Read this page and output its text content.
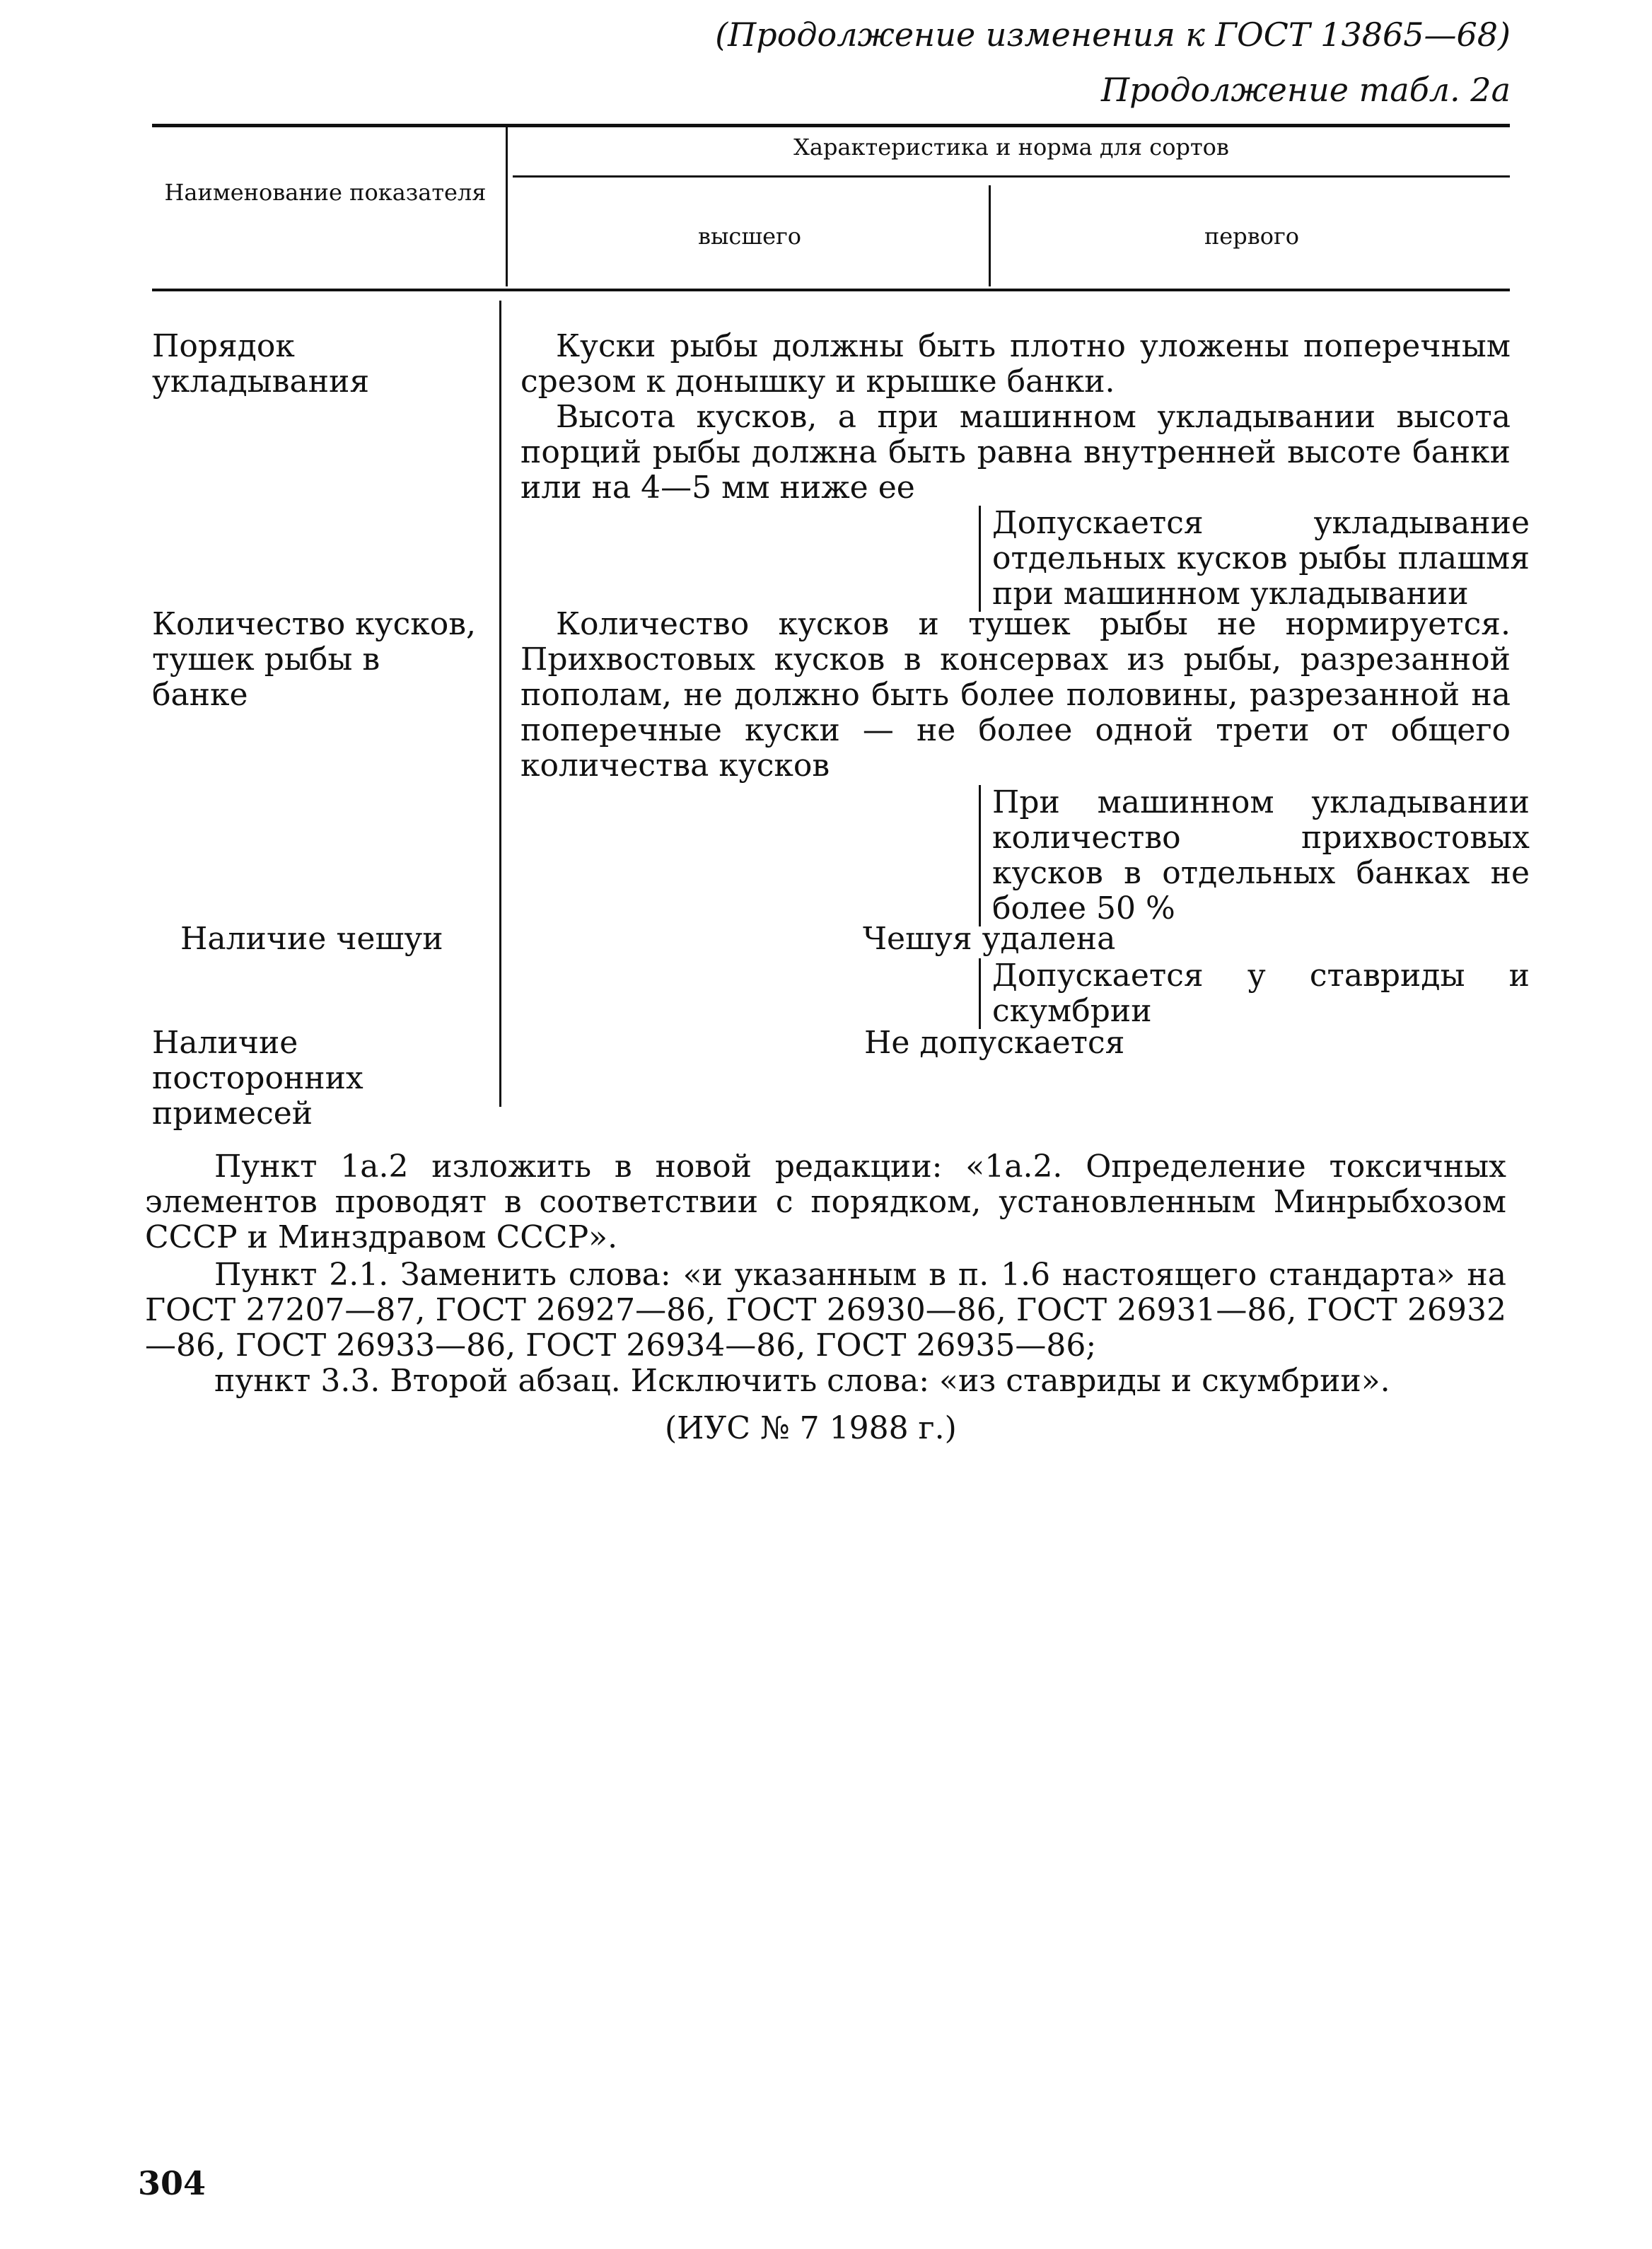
(Продолжение изменения к ГОСТ 13865—68)
Продолжение табл. 2а
Наименование показателя
Характеристика и норма для сортов
высшего	первого
Порядок укладывания
Куски рыбы должны быть плотно уложены поперечным срезом к донышку и крышке банки.
Высота кусков, а при машинном укладывании высота порций рыбы должна быть равна внутренней высоте банки или на 4—5 мм ниже ее
Допускается укладывание отдельных кусков рыбы плашмя при машинном укладывании
Количество кусков, тушек рыбы в банке
Количество кусков и тушек рыбы не нормируется. Прихвостовых кусков в консервах из рыбы, разрезанной пополам, не должно быть более половины, разрезанной на поперечные куски — не более одной трети от общего количества кусков
При машинном укладывании количество прихвостовых кусков в отдельных банках не более 50 %
Наличие чешуи	Чешуя удалена
Допускается у ставриды и скумбрии
Наличие посторонних примесей
Не допускается
Пункт 1а.2 изложить в новой редакции: «1а.2. Определение токсичных элементов проводят в соответствии с порядком, установленным Минрыбхозом СССР и Минздравом СССР».
Пункт 2.1. Заменить слова: «и указанным в п. 1.6 настоящего стандарта» на ГОСТ 27207—87, ГОСТ 26927—86, ГОСТ 26930—86, ГОСТ 26931—86, ГОСТ 26932—86, ГОСТ 26933—86, ГОСТ 26934—86, ГОСТ 26935—86;
пункт 3.3. Второй абзац. Исключить слова: «из ставриды и скумбрии».
(ИУС № 7 1988 г.)
304
